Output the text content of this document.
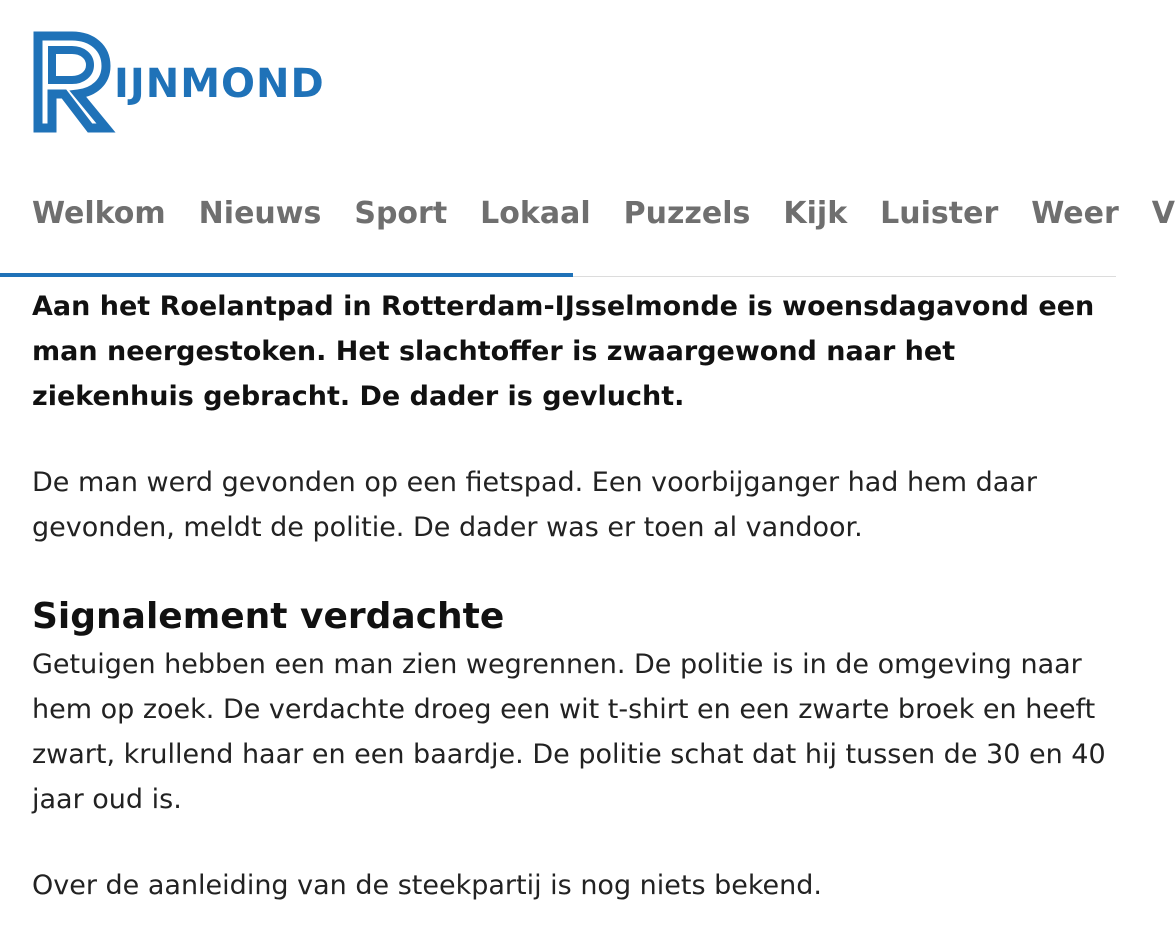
IJNMOND
Welkom Nieuws Sport Lokaal Puzzels Kijk Luister Weer V

Aan het Roelantpad in Rotterdam-IJsselmonde is woensdagavond een man neergestoken. Het slachtoffer is zwaargewond naar het ziekenhuis gebracht. De dader is gevlucht.

De man werd gevonden op een fietspad. Een voorbijganger had hem daar gevonden, meldt de politie. De dader was er toen al vandoor.

Signalement verdachte

Getuigen hebben een man zien wegrennen. De politie is in de omgeving naar hem op zoek. De verdachte droeg een wit t-shirt en een zwarte broek en heeft zwart, krullend haar en een baardje. De politie schat dat hij tussen de 30 en 40 jaar oud is.

Over de aanleiding van de steekpartij is nog niets bekend.
